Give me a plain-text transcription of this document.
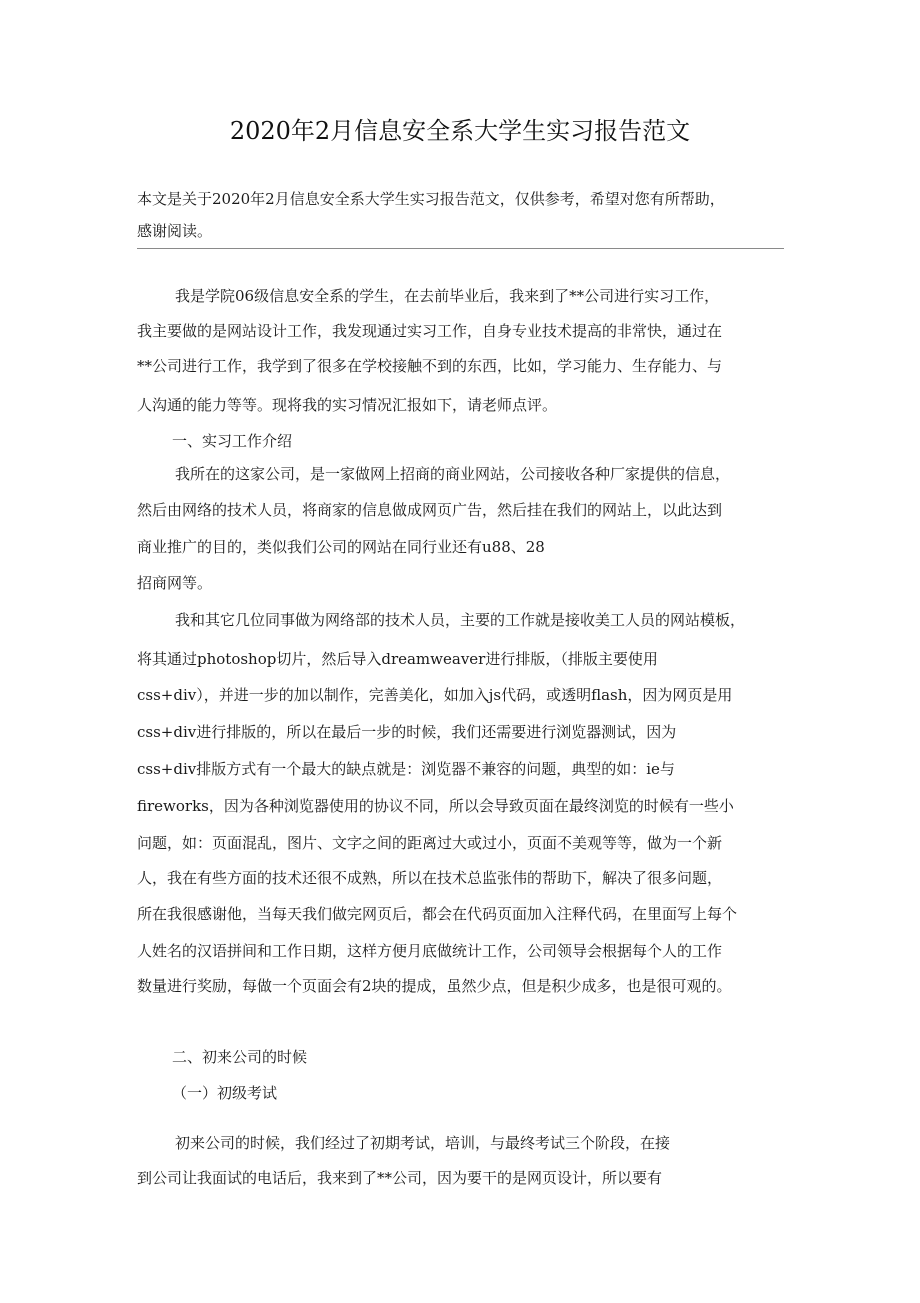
2020年2月信息安全系大学生实习报告范文
本文是关于2020年2月信息安全系大学生实习报告范文，仅供参考，希望对您有所帮助，
感谢阅读。
我是学院06级信息安全系的学生，在去前毕业后，我来到了**公司进行实习工作，
我主要做的是网站设计工作，我发现通过实习工作，自身专业技术提高的非常快，通过在
**公司进行工作，我学到了很多在学校接触不到的东西，比如，学习能力、生存能力、与
人沟通的能力等等。现将我的实习情况汇报如下，请老师点评。
一、实习工作介绍
我所在的这家公司，是一家做网上招商的商业网站，公司接收各种厂家提供的信息，
然后由网络的技术人员，将商家的信息做成网页广告，然后挂在我们的网站上，以此达到
商业推广的目的，类似我们公司的网站在同行业还有u88、28
招商网等。
我和其它几位同事做为网络部的技术人员，主要的工作就是接收美工人员的网站模板，
将其通过photoshop切片，然后导入dreamweaver进行排版，（排版主要使用
css+div），并进一步的加以制作，完善美化，如加入js代码，或透明flash，因为网页是用
css+div进行排版的，所以在最后一步的时候，我们还需要进行浏览器测试，因为
css+div排版方式有一个最大的缺点就是：浏览器不兼容的问题，典型的如：ie与
fireworks，因为各种浏览器使用的协议不同，所以会导致页面在最终浏览的时候有一些小
问题，如：页面混乱，图片、文字之间的距离过大或过小，页面不美观等等，做为一个新
人，我在有些方面的技术还很不成熟，所以在技术总监张伟的帮助下，解决了很多问题，
所在我很感谢他，当每天我们做完网页后，都会在代码页面加入注释代码，在里面写上每个
人姓名的汉语拼间和工作日期，这样方便月底做统计工作，公司领导会根据每个人的工作
数量进行奖励，每做一个页面会有2块的提成，虽然少点，但是积少成多，也是很可观的。
二、初来公司的时候
（一）初级考试
初来公司的时候，我们经过了初期考试，培训，与最终考试三个阶段，在接
到公司让我面试的电话后，我来到了**公司，因为要干的是网页设计，所以要有
